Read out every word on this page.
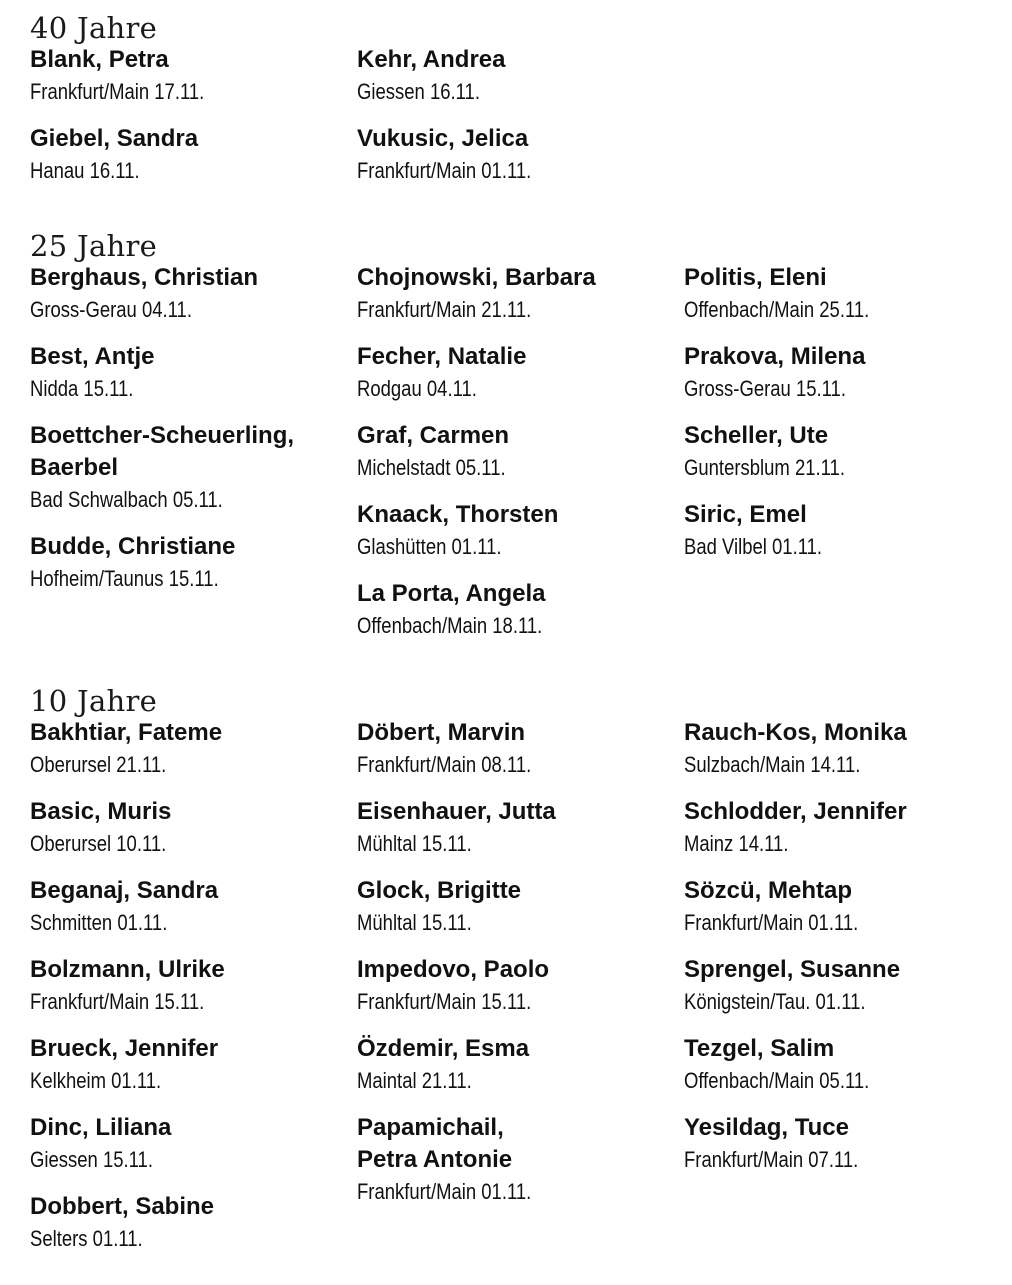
40 Jahre
Blank, Petra
Frankfurt/Main 17.11.
Giebel, Sandra
Hanau 16.11.
Kehr, Andrea
Giessen 16.11.
Vukusic, Jelica
Frankfurt/Main 01.11.
25 Jahre
Berghaus, Christian
Gross-Gerau 04.11.
Best, Antje
Nidda 15.11.
Boettcher-Scheuerling,
Baerbel
Bad Schwalbach 05.11.
Budde, Christiane
Hofheim/Taunus 15.11.
Chojnowski, Barbara
Frankfurt/Main 21.11.
Fecher, Natalie
Rodgau 04.11.
Graf, Carmen
Michelstadt 05.11.
Knaack, Thorsten
Glashütten 01.11.
La Porta, Angela
Offenbach/Main 18.11.
Politis, Eleni
Offenbach/Main 25.11.
Prakova, Milena
Gross-Gerau 15.11.
Scheller, Ute
Guntersblum 21.11.
Siric, Emel
Bad Vilbel 01.11.
10 Jahre
Bakhtiar, Fateme
Oberursel 21.11.
Basic, Muris
Oberursel 10.11.
Beganaj, Sandra
Schmitten 01.11.
Bolzmann, Ulrike
Frankfurt/Main 15.11.
Brueck, Jennifer
Kelkheim 01.11.
Dinc, Liliana
Giessen 15.11.
Dobbert, Sabine
Selters 01.11.
Döbert, Marvin
Frankfurt/Main 08.11.
Eisenhauer, Jutta
Mühltal 15.11.
Glock, Brigitte
Mühltal 15.11.
Impedovo, Paolo
Frankfurt/Main 15.11.
Özdemir, Esma
Maintal 21.11.
Papamichail,
Petra Antonie
Frankfurt/Main 01.11.
Rauch-Kos, Monika
Sulzbach/Main 14.11.
Schlodder, Jennifer
Mainz 14.11.
Sözcü, Mehtap
Frankfurt/Main 01.11.
Sprengel, Susanne
Königstein/Tau. 01.11.
Tezgel, Salim
Offenbach/Main 05.11.
Yesildag, Tuce
Frankfurt/Main 07.11.
